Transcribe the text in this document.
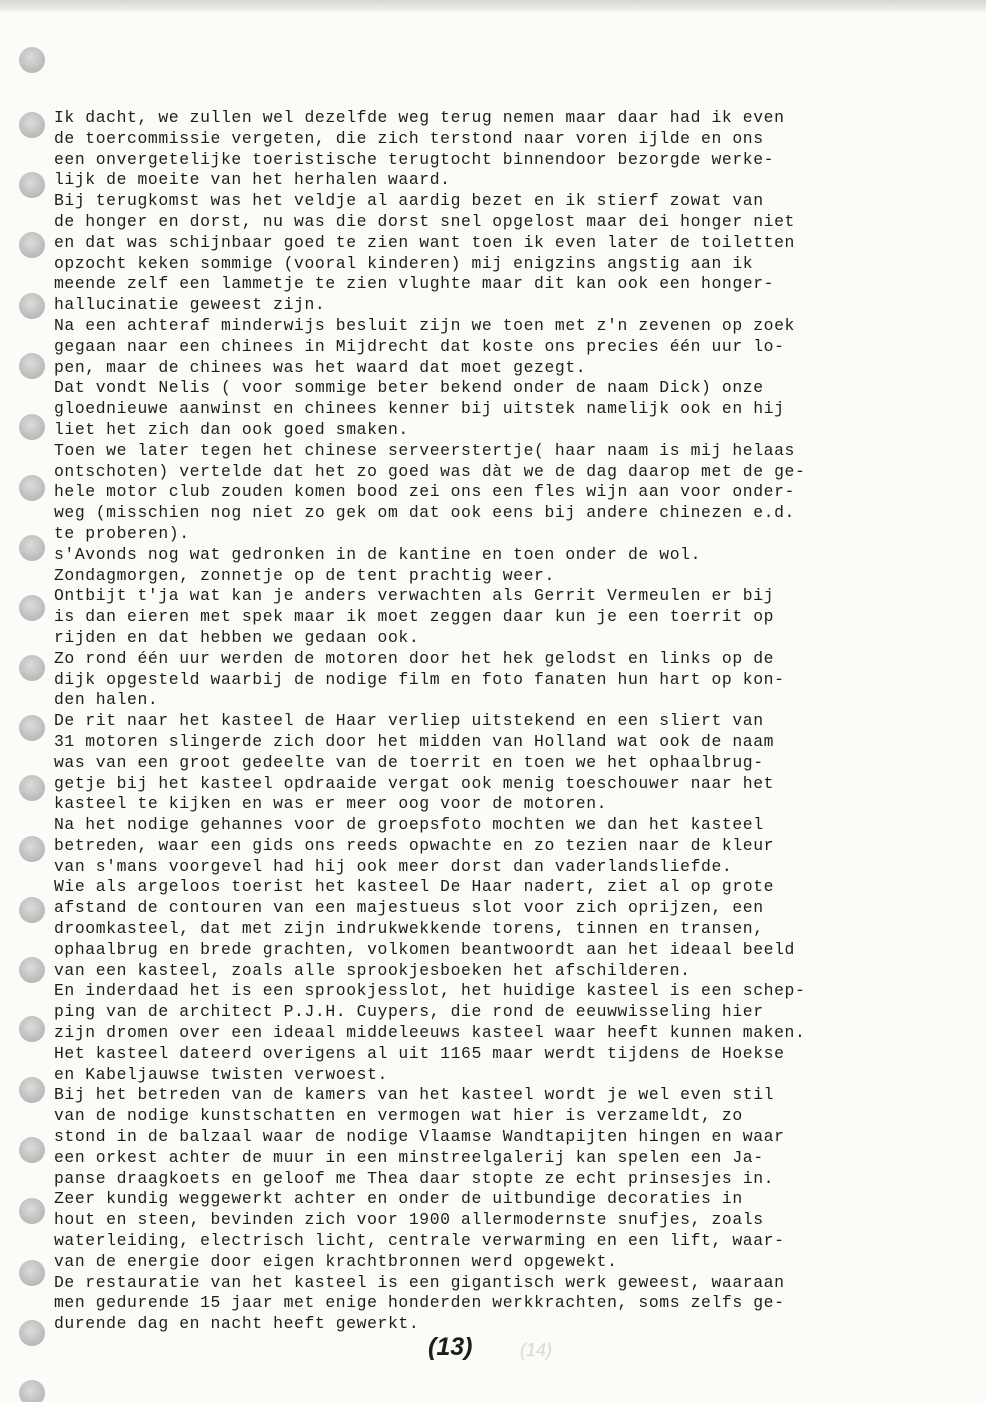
Ik dacht, we zullen wel dezelfde weg terug nemen maar daar had ik even
de toercommissie vergeten, die zich terstond naar voren ijlde en ons
een onvergetelijke toeristische terugtocht binnendoor bezorgde werke-
lijk de moeite van het herhalen waard.
Bij terugkomst was het veldje al aardig bezet en ik stierf zowat van
de honger en dorst, nu was die dorst snel opgelost maar dei honger niet
en dat was schijnbaar goed te zien want toen ik even later de toiletten
opzocht keken sommige (vooral kinderen) mij enigzins angstig aan ik
meende zelf een lammetje te zien vlughte maar dit kan ook een honger-
hallucinatie geweest zijn.
Na een achteraf minderwijs besluit zijn we toen met z'n zevenen op zoek
gegaan naar een chinees in Mijdrecht dat koste ons precies één uur lo-
pen, maar de chinees was het waard dat moet gezegt.
Dat vondt Nelis ( voor sommige beter bekend onder de naam Dick) onze
gloednieuwe aanwinst en chinees kenner bij uitstek namelijk ook en hij
liet het zich dan ook goed smaken.
Toen we later tegen het chinese serveerstertje( haar naam is mij helaas
ontschoten) vertelde dat het zo goed was dàt we de dag daarop met de ge-
hele motor club zouden komen bood zei ons een fles wijn aan voor onder-
weg (misschien nog niet zo gek om dat ook eens bij andere chinezen e.d.
te proberen).
s'Avonds nog wat gedronken in de kantine en toen onder de wol.
Zondagmorgen, zonnetje op de tent prachtig weer.
Ontbijt t'ja wat kan je anders verwachten als Gerrit Vermeulen er bij
is dan eieren met spek maar ik moet zeggen daar kun je een toerrit op
rijden en dat hebben we gedaan ook.
Zo rond één uur werden de motoren door het hek gelodst en links op de
dijk opgesteld waarbij de nodige film en foto fanaten hun hart op kon-
den halen.
De rit naar het kasteel de Haar verliep uitstekend en een sliert van
31 motoren slingerde zich door het midden van Holland wat ook de naam
was van een groot gedeelte van de toerrit en toen we het ophaalbrug-
getje bij het kasteel opdraaide vergat ook menig toeschouwer naar het
kasteel te kijken en was er meer oog voor de motoren.
Na het nodige gehannes voor de groepsfoto mochten we dan het kasteel
betreden, waar een gids ons reeds opwachte en zo tezien naar de kleur
van s'mans voorgevel had hij ook meer dorst dan vaderlandsliefde.
Wie als argeloos toerist het kasteel De Haar nadert, ziet al op grote
afstand de contouren van een majestueus slot voor zich oprijzen, een
droomkasteel, dat met zijn indrukwekkende torens, tinnen en transen,
ophaalbrug en brede grachten, volkomen beantwoordt aan het ideaal beeld
van een kasteel, zoals alle sprookjesboeken het afschilderen.
En inderdaad het is een sprookjesslot, het huidige kasteel is een schep-
ping van de architect P.J.H. Cuypers, die rond de eeuwwisseling hier
zijn dromen over een ideaal middeleeuws kasteel waar heeft kunnen maken.
Het kasteel dateerd overigens al uit 1165 maar werdt tijdens de Hoekse
en Kabeljauwse twisten verwoest.
Bij het betreden van de kamers van het kasteel wordt je wel even stil
van de nodige kunstschatten en vermogen wat hier is verzameldt, zo
stond in de balzaal waar de nodige Vlaamse Wandtapijten hingen en waar
een orkest achter de muur in een minstreelgalerij kan spelen een Ja-
panse draagkoets en geloof me Thea daar stopte ze echt prinsesjes in.
Zeer kundig weggewerkt achter en onder de uitbundige decoraties in
hout en steen, bevinden zich voor 1900 allermodernste snufjes, zoals
waterleiding, electrisch licht, centrale verwarming en een lift, waar-
van de energie door eigen krachtbronnen werd opgewekt.
De restauratie van het kasteel is een gigantisch werk geweest, waaraan
men gedurende 15 jaar met enige honderden werkkrachten, soms zelfs ge-
durende dag en nacht heeft gewerkt.
(13)	(14)
